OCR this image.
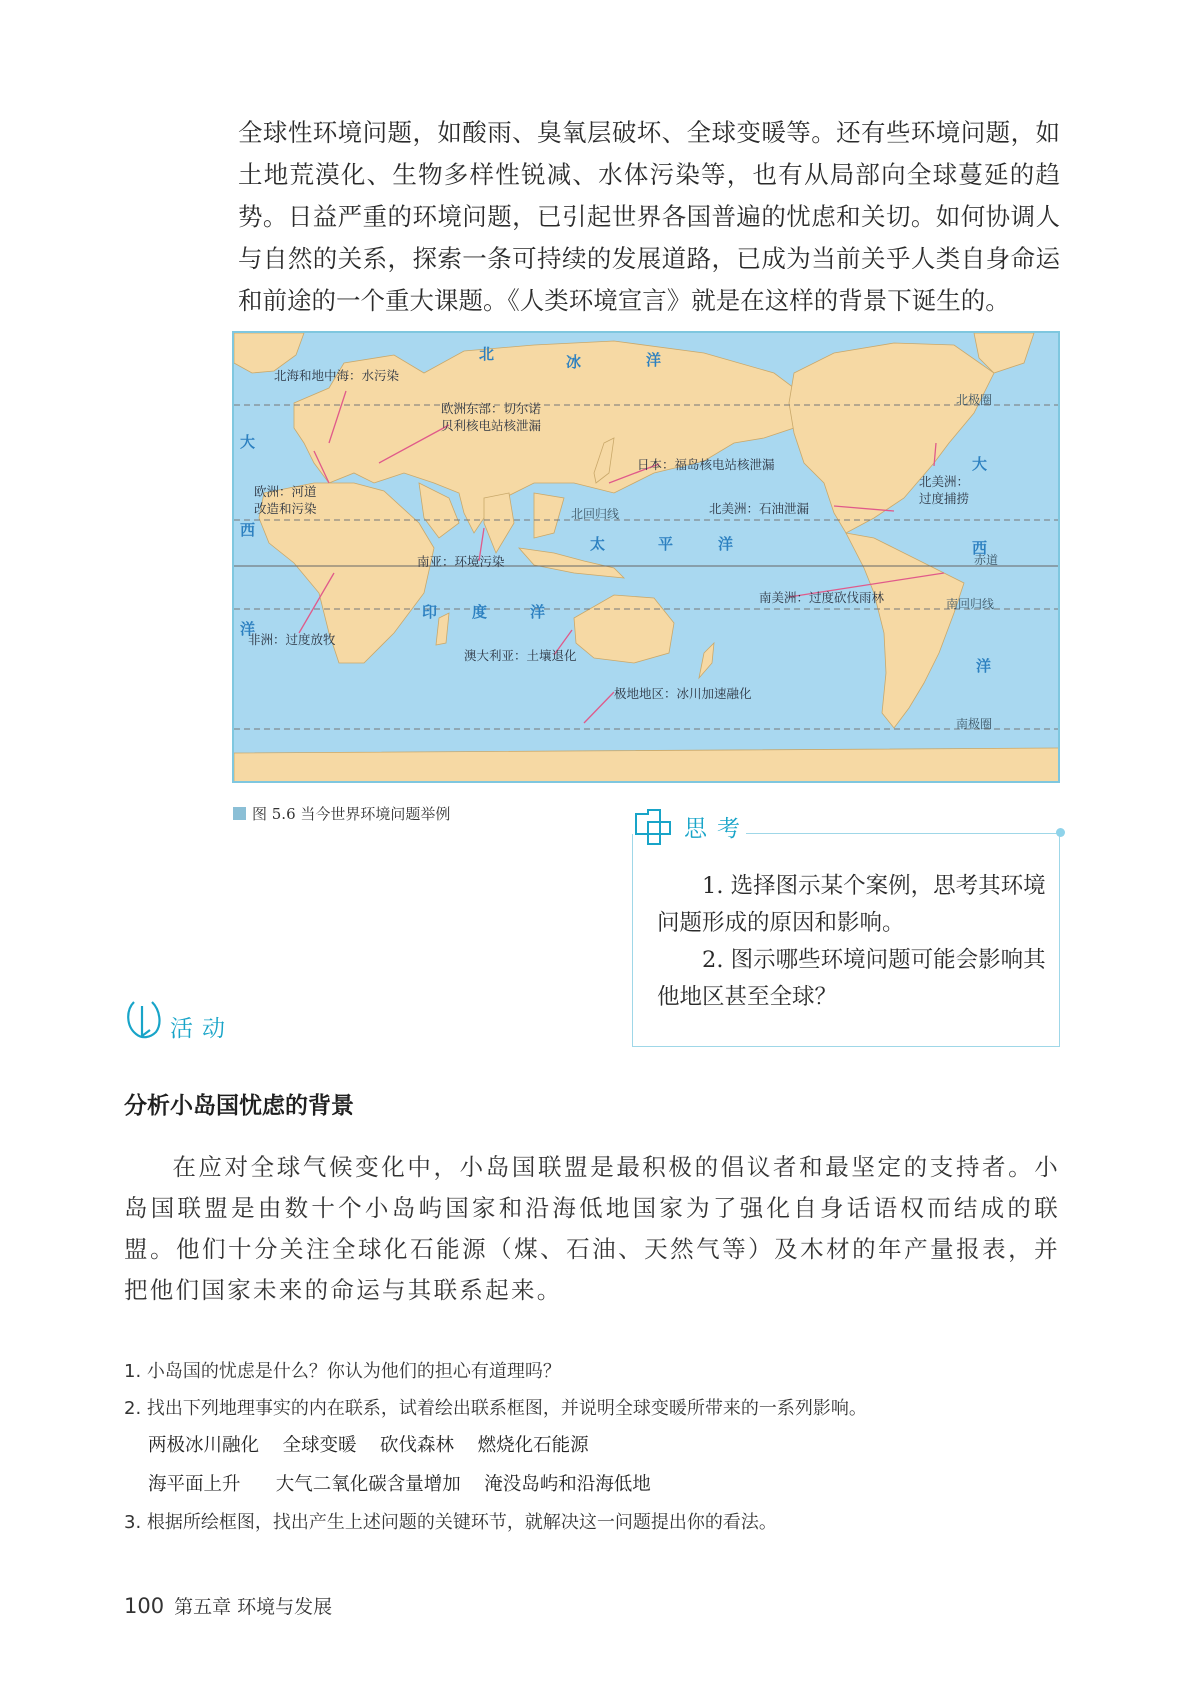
全球性环境问题，如酸雨、臭氧层破坏、全球变暖等。还有些环境问题，如土地荒漠化、生物多样性锐减、水体污染等，也有从局部向全球蔓延的趋势。日益严重的环境问题，已引起世界各国普遍的忧虑和关切。如何协调人与自然的关系，探索一条可持续的发展道路，已成为当前关乎人类自身命运和前途的一个重大课题。《人类环境宣言》就是在这样的背景下诞生的。

北	冰	洋
大
西
洋
大
西
洋
太	平	洋
印 度	洋
北极圈
北回归线
赤道
南回归线
南极圈
北海和地中海：水污染
欧洲东部：切尔诺
贝利核电站核泄漏
日本：福岛核电站核泄漏
欧洲：河道
改造和污染
北美洲：
过度捕捞
北美洲：石油泄漏
南亚：环境污染
南美洲：过度砍伐雨林
非洲：过度放牧
澳大利亚：土壤退化
极地地区：冰川加速融化
图 5.6 当今世界环境问题举例
思考

1. 选择图示某个案例，思考其环境问题形成的原因和影响。

2. 图示哪些环境问题可能会影响其他地区甚至全球？

活动
分析小岛国忧虑的背景

在应对全球气候变化中，小岛国联盟是最积极的倡议者和最坚定的支持者。小岛国联盟是由数十个小岛屿国家和沿海低地国家为了强化自身话语权而结成的联盟。他们十分关注全球化石能源（煤、石油、天然气等）及木材的年产量报表，并把他们国家未来的命运与其联系起来。

1. 小岛国的忧虑是什么？你认为他们的担心有道理吗？
2. 找出下列地理事实的内在联系，试着绘出联系框图，并说明全球变暖所带来的一系列影响。
两极冰川融化    全球变暖    砍伐森林    燃烧化石能源
海平面上升      大气二氧化碳含量增加    淹没岛屿和沿海低地
3. 根据所绘框图，找出产生上述问题的关键环节，就解决这一问题提出你的看法。
100 第五章 环境与发展
